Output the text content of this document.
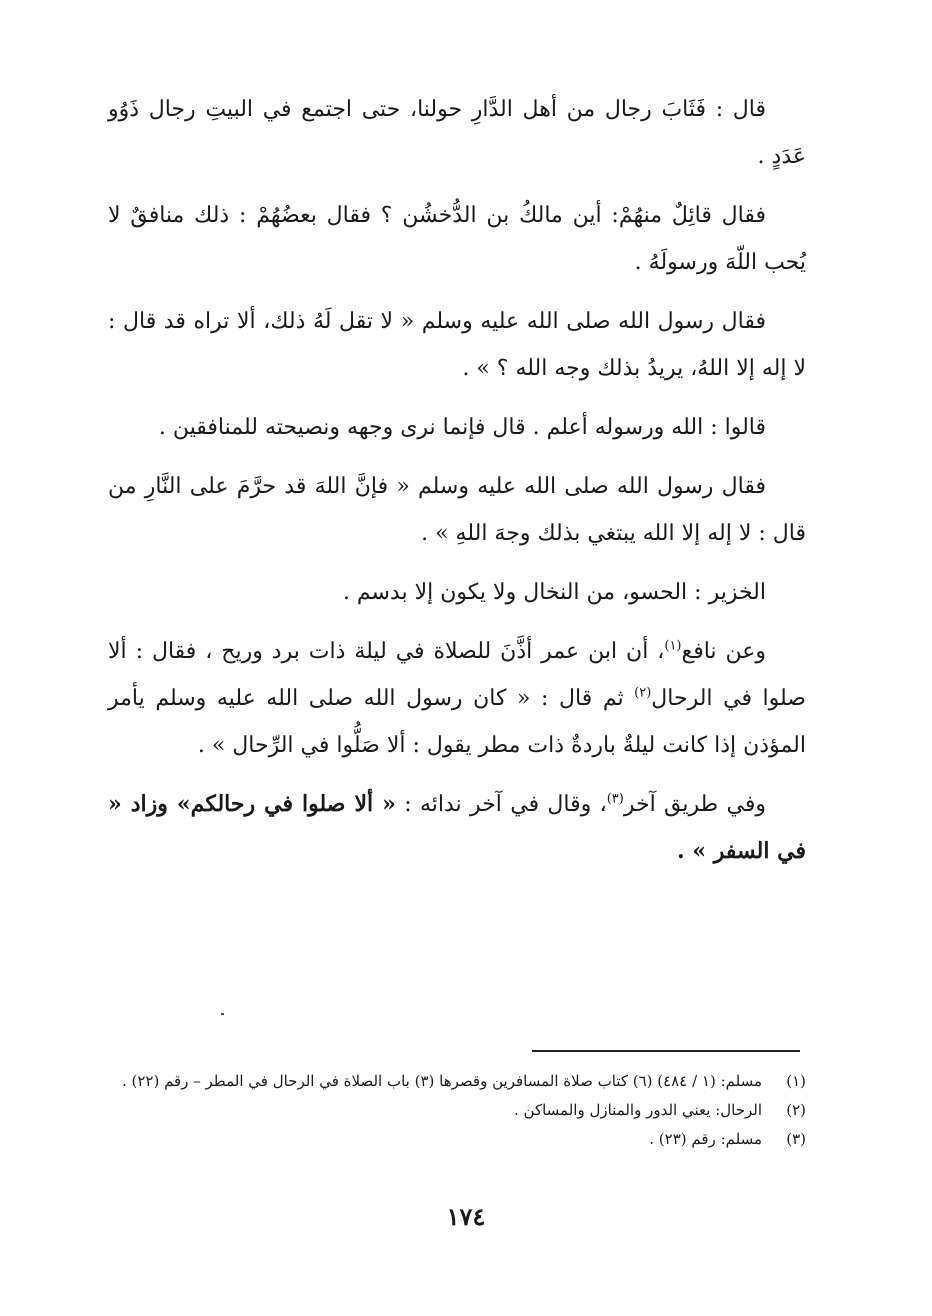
قال : فَثَابَ رجال من أهل الدَّارِ حولنا، حتى اجتمع في البيتِ رجال ذَوُو عَدَدٍ .

فقال قائِلٌ منهُمْ: أين مالكُ بن الدُّخشُن ؟ فقال بعضُهُمْ : ذلك منافقٌ لا يُحب اللّهَ ورسولَهُ .

فقال رسول الله صلى الله عليه وسلم « لا تقل لَهُ ذلك، ألا تراه قد قال : لا إله إلا اللهُ، يريدُ بذلك وجه الله ؟ » .

قالوا : الله ورسوله أعلم . قال فإنما نرى وجهه ونصيحته للمنافقين .

فقال رسول الله صلى الله عليه وسلم « فإنَّ اللهَ قد حرَّمَ على النَّارِ من قال : لا إله إلا الله يبتغي بذلك وجهَ اللهِ » .

الخزير : الحسو، من النخال ولا يكون إلا بدسم .

وعن نافع$^{(١)}$، أن ابن عمر أذَّنَ للصلاة في ليلة ذات برد وريح ، فقال : ألا صلوا في الرحال$^{(٢)}$ ثم قال : « كان رسول الله صلى الله عليه وسلم يأمر المؤذن إذا كانت ليلةٌ باردةٌ ذات مطر يقول : ألا صَلُّوا في الرِّحال » .

وفي طريق آخر$^{(٣)}$، وقال في آخر ندائه : « ألا صلوا في رحالكم» وزاد « في السفر » .

(١)
مسلم: (١ / ٤٨٤) (٦) كتاب صلاة المسافرين وقصرها (٣) باب الصلاة في الرحال في المطر – رقم (٢٢) .
(٢)
الرحال: يعني الدور والمنازل والمساكن .
(٣)
مسلم: رقم (٢٣) .
١٧٤
